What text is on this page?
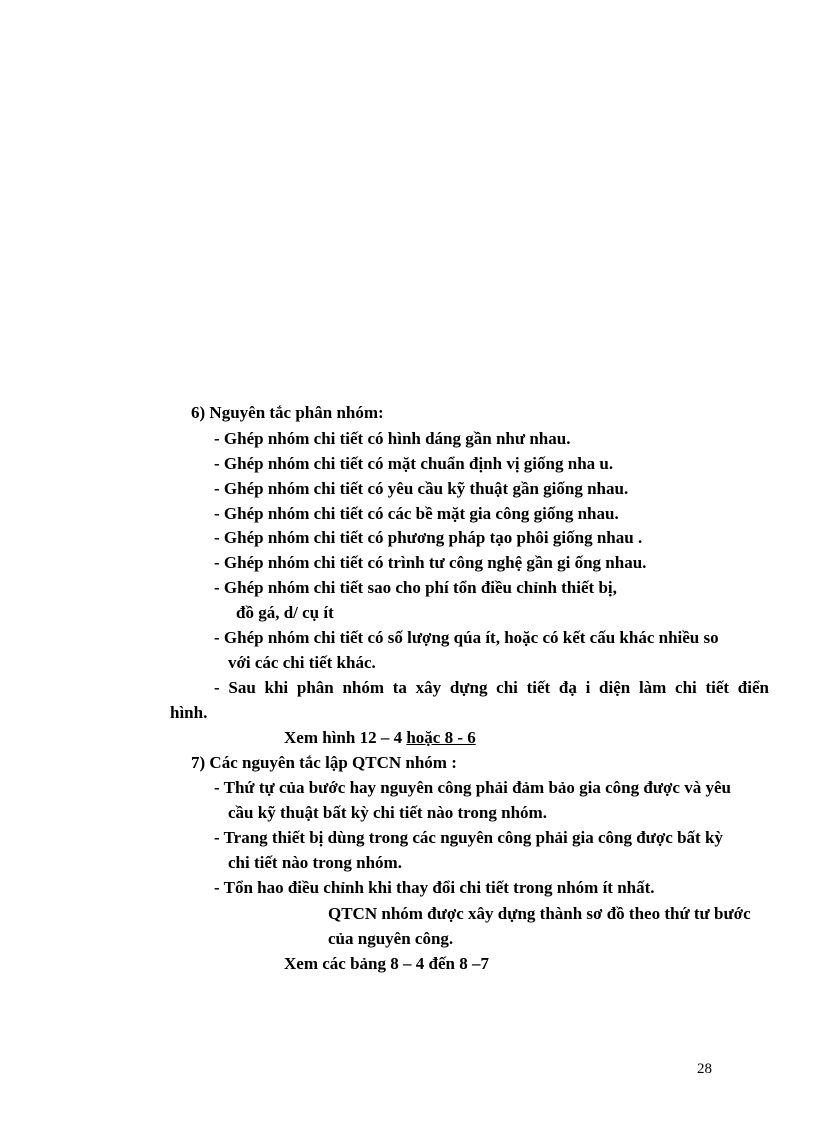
6) Nguyên tắc phân nhóm:
- Ghép nhóm chi tiết có hình dáng gần như nhau.
- Ghép nhóm chi tiết có mặt chuẩn định vị giống nha u.
- Ghép nhóm chi tiết có yêu cầu kỹ thuật gần giống nhau.
- Ghép nhóm chi tiết có các bề mặt gia công giống nhau.
- Ghép nhóm chi tiết có phương pháp tạo phôi giống nhau .
- Ghép nhóm chi tiết có trình tư công nghệ gần gi ống nhau.
- Ghép nhóm chi tiết sao cho phí tổn điều chỉnh thiết bị,
đồ gá, d/ cụ ít
- Ghép nhóm chi tiết có số lượng qúa ít, hoặc có kết cấu khác nhiều so
với các chi tiết khác.
- Sau khi phân nhóm ta xây dựng chi tiết đạ i diện làm chi tiết điển
hình.
Xem hình 12 – 4 hoặc 8 - 6
7) Các nguyên tắc lập QTCN nhóm :
- Thứ tự của bước hay nguyên công phải đảm bảo gia công được và yêu
cầu kỹ thuật bất kỳ chi tiết nào trong nhóm.
- Trang thiết bị dùng trong các nguyên công phải gia công được bất kỳ
chi tiết nào trong nhóm.
- Tổn hao điều chỉnh khi thay đổi chi tiết trong nhóm ít nhất.
QTCN nhóm được xây dựng thành sơ đồ theo thứ tư bước
của nguyên công.
Xem các bảng 8 – 4 đến 8 –7
28
